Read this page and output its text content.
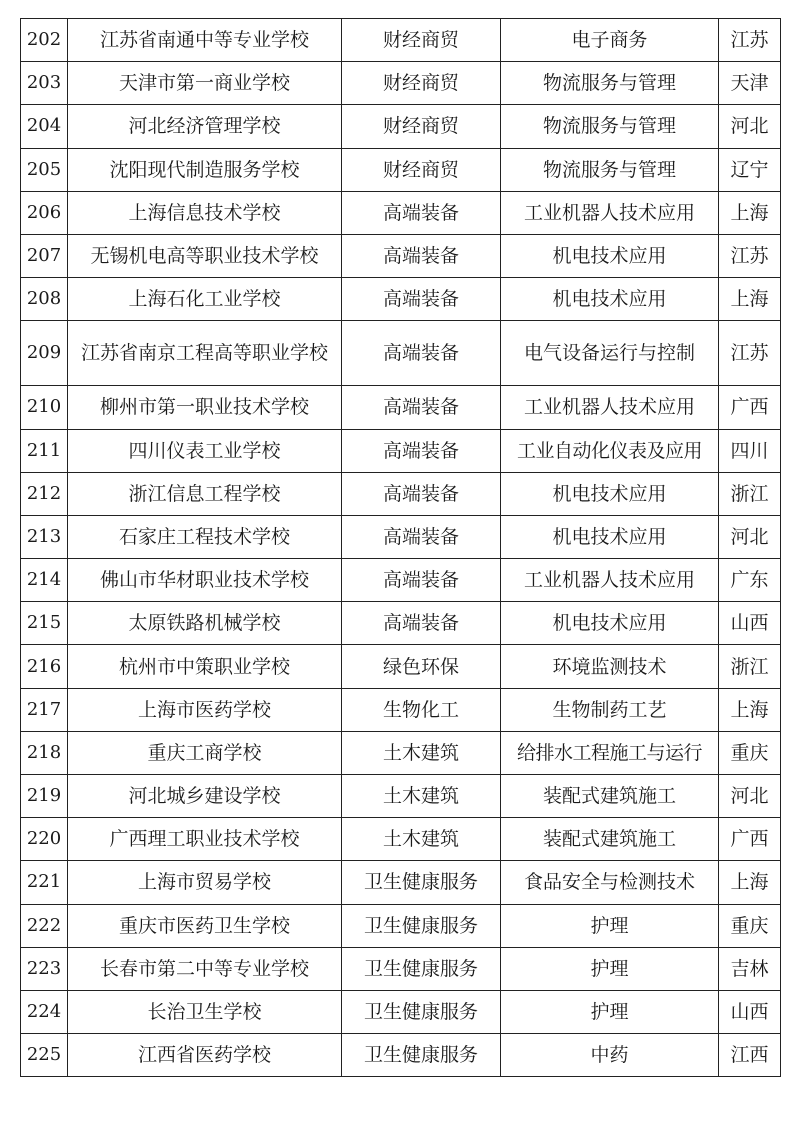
202	江苏省南通中等专业学校	财经商贸	电子商务	江苏
203	天津市第一商业学校	财经商贸	物流服务与管理	天津
204	河北经济管理学校	财经商贸	物流服务与管理	河北
205	沈阳现代制造服务学校	财经商贸	物流服务与管理	辽宁
206	上海信息技术学校	高端装备	工业机器人技术应用	上海
207	无锡机电高等职业技术学校	高端装备	机电技术应用	江苏
208	上海石化工业学校	高端装备	机电技术应用	上海
209	江苏省南京工程高等职业学校	高端装备	电气设备运行与控制	江苏
210	柳州市第一职业技术学校	高端装备	工业机器人技术应用	广西
211	四川仪表工业学校	高端装备	工业自动化仪表及应用	四川
212	浙江信息工程学校	高端装备	机电技术应用	浙江
213	石家庄工程技术学校	高端装备	机电技术应用	河北
214	佛山市华材职业技术学校	高端装备	工业机器人技术应用	广东
215	太原铁路机械学校	高端装备	机电技术应用	山西
216	杭州市中策职业学校	绿色环保	环境监测技术	浙江
217	上海市医药学校	生物化工	生物制药工艺	上海
218	重庆工商学校	土木建筑	给排水工程施工与运行	重庆
219	河北城乡建设学校	土木建筑	装配式建筑施工	河北
220	广西理工职业技术学校	土木建筑	装配式建筑施工	广西
221	上海市贸易学校	卫生健康服务	食品安全与检测技术	上海
222	重庆市医药卫生学校	卫生健康服务	护理	重庆
223	长春市第二中等专业学校	卫生健康服务	护理	吉林
224	长治卫生学校	卫生健康服务	护理	山西
225	江西省医药学校	卫生健康服务	中药	江西
